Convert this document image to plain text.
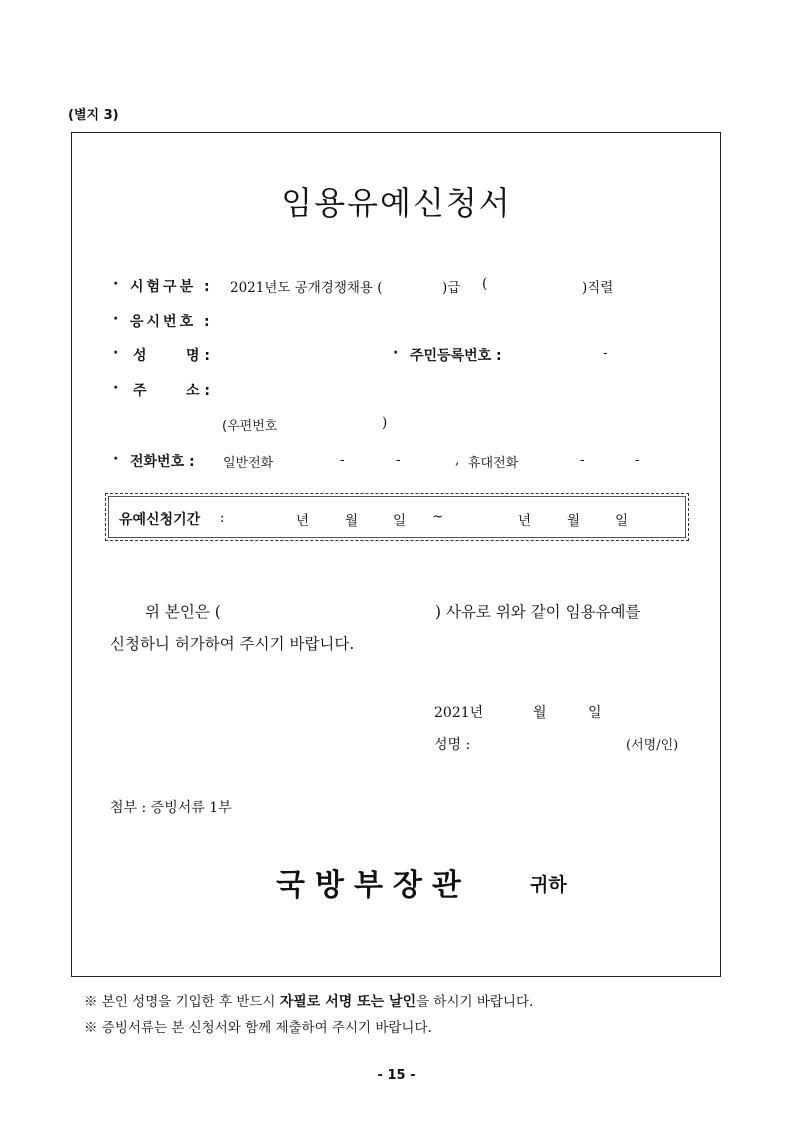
(별지 3)
임용유예신청서
· 시험구분 : 2021년도 공개경쟁채용 (	)급 (	)직렬
· 응시번호 :
· 성	명 :	· 주민등록번호 :	-
· 주	소 :
(우편번호	)
· 전화번호 : 일반전화	-	-	, 휴대전화	-	-
유예신청기간 :	년	월	일 ~	년	월	일
위 본인은 (	) 사유로 위와 같이 임용유예를
신청하니 허가하여 주시기 바랍니다.
2021년	월	일
성명 :	(서명/인)
첨부 : 증빙서류 1부
국방부장관	귀하
※ 본인 성명을 기입한 후 반드시 자필로 서명 또는 날인을 하시기 바랍니다.
※ 증빙서류는 본 신청서와 함께 제출하여 주시기 바랍니다.
- 15 -
